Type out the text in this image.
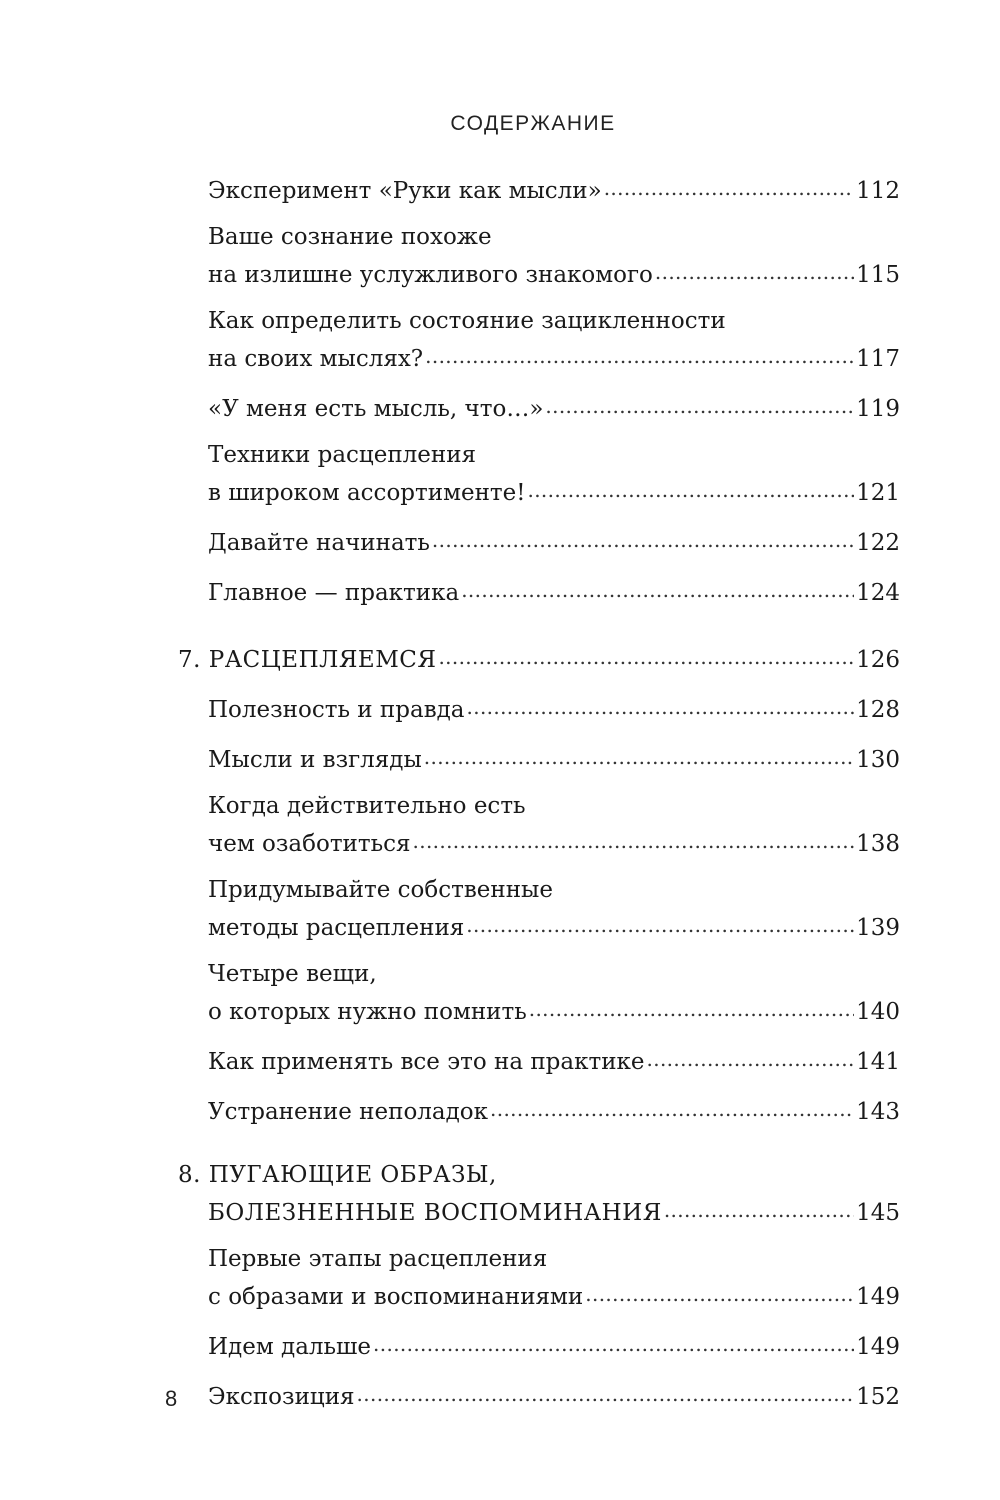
СОДЕРЖАНИЕ
Эксперимент «Руки как мысли» . . .	112
Ваше сознание похоже
на излишне услужливого знакомого . . .	115
Как определить состояние зацикленности
на своих мыслях? . . .	117
«У меня есть мысль, что…» . . .	119
Техники расцепления
в широком ассортименте! . . .	121
Давайте начинать . . .	122
Главное — практика . . .	124
7. РАСЦЕПЛЯЕМСЯ . . .	126
Полезность и правда . . .	128
Мысли и взгляды . . .	130
Когда действительно есть
чем озаботиться . . .	138
Придумывайте собственные
методы расцепления . . .	139
Четыре вещи,
о которых нужно помнить . . .	140
Как применять все это на практике . . .	141
Устранение неполадок . . .	143
8. ПУГАЮЩИЕ ОБРАЗЫ,
БОЛЕЗНЕННЫЕ ВОСПОМИНАНИЯ . . .	145
Первые этапы расцепления
с образами и воспоминаниями . . .	149
Идем дальше . . .	149
Экспозиция . . .	152
8
